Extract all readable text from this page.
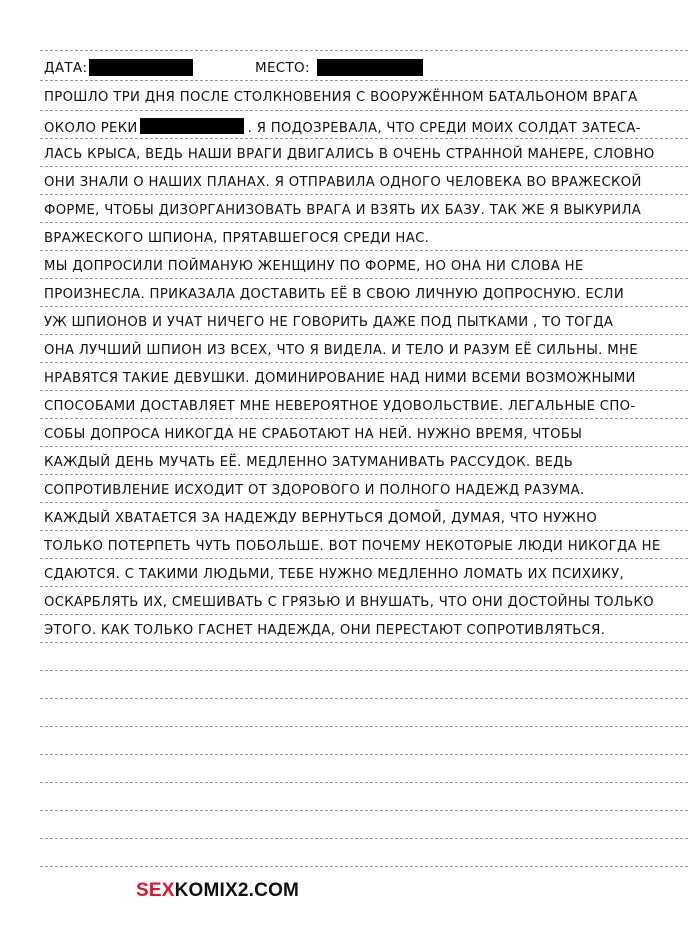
ДАТА:	МЕСТО:
ПРОШЛО ТРИ ДНЯ ПОСЛЕ СТОЛКНОВЕНИЯ С ВООРУЖЁННОМ БАТАЛЬОНОМ ВРАГА
ОКОЛО РЕКИ	. Я ПОДОЗРЕВАЛА, ЧТО СРЕДИ МОИХ СОЛДАТ ЗАТЕСА-
ЛАСЬ КРЫСА, ВЕДЬ НАШИ ВРАГИ ДВИГАЛИСЬ В ОЧЕНЬ СТРАННОЙ МАНЕРЕ, СЛОВНО
ОНИ ЗНАЛИ О НАШИХ ПЛАНАХ. Я ОТПРАВИЛА ОДНОГО ЧЕЛОВЕКА ВО ВРАЖЕСКОЙ
ФОРМЕ, ЧТОБЫ ДИЗОРГАНИЗОВАТЬ ВРАГА И ВЗЯТЬ ИХ БАЗУ. ТАК ЖЕ Я ВЫКУРИЛА
ВРАЖЕСКОГО ШПИОНА, ПРЯТАВШЕГОСЯ СРЕДИ НАС.
МЫ ДОПРОСИЛИ ПОЙМАНУЮ ЖЕНЩИНУ ПО ФОРМЕ, НО ОНА НИ СЛОВА НЕ
ПРОИЗНЕСЛА. ПРИКАЗАЛА ДОСТАВИТЬ ЕЁ В СВОЮ ЛИЧНУЮ ДОПРОСНУЮ. ЕСЛИ
УЖ ШПИОНОВ И УЧАТ НИЧЕГО НЕ ГОВОРИТЬ ДАЖЕ ПОД ПЫТКАМИ , ТО ТОГДА
ОНА ЛУЧШИЙ ШПИОН ИЗ ВСЕХ, ЧТО Я ВИДЕЛА. И ТЕЛО И РАЗУМ ЕЁ СИЛЬНЫ. МНЕ
НРАВЯТСЯ ТАКИЕ ДЕВУШКИ. ДОМИНИРОВАНИЕ НАД НИМИ ВСЕМИ ВОЗМОЖНЫМИ
СПОСОБАМИ ДОСТАВЛЯЕТ МНЕ НЕВЕРОЯТНОЕ УДОВОЛЬСТВИЕ. ЛЕГАЛЬНЫЕ СПО-
СОБЫ ДОПРОСА НИКОГДА НЕ СРАБОТАЮТ НА НЕЙ. НУЖНО ВРЕМЯ, ЧТОБЫ
КАЖДЫЙ ДЕНЬ МУЧАТЬ ЕЁ. МЕДЛЕННО ЗАТУМАНИВАТЬ РАССУДОК. ВЕДЬ
СОПРОТИВЛЕНИЕ ИСХОДИТ ОТ ЗДОРОВОГО И ПОЛНОГО НАДЕЖД РАЗУМА.
КАЖДЫЙ ХВАТАЕТСЯ ЗА НАДЕЖДУ ВЕРНУТЬСЯ ДОМОЙ, ДУМАЯ, ЧТО НУЖНО
ТОЛЬКО ПОТЕРПЕТЬ ЧУТЬ ПОБОЛЬШЕ. ВОТ ПОЧЕМУ НЕКОТОРЫЕ ЛЮДИ НИКОГДА НЕ
СДАЮТСЯ. С ТАКИМИ ЛЮДЬМИ, ТЕБЕ НУЖНО МЕДЛЕННО ЛОМАТЬ ИХ ПСИХИКУ,
ОСКАРБЛЯТЬ ИХ, СМЕШИВАТЬ С ГРЯЗЬЮ И ВНУШАТЬ, ЧТО ОНИ ДОСТОЙНЫ ТОЛЬКО
ЭТОГО. КАК ТОЛЬКО ГАСНЕТ НАДЕЖДА, ОНИ ПЕРЕСТАЮТ СОПРОТИВЛЯТЬСЯ.
SEXKOMIX2.COM
